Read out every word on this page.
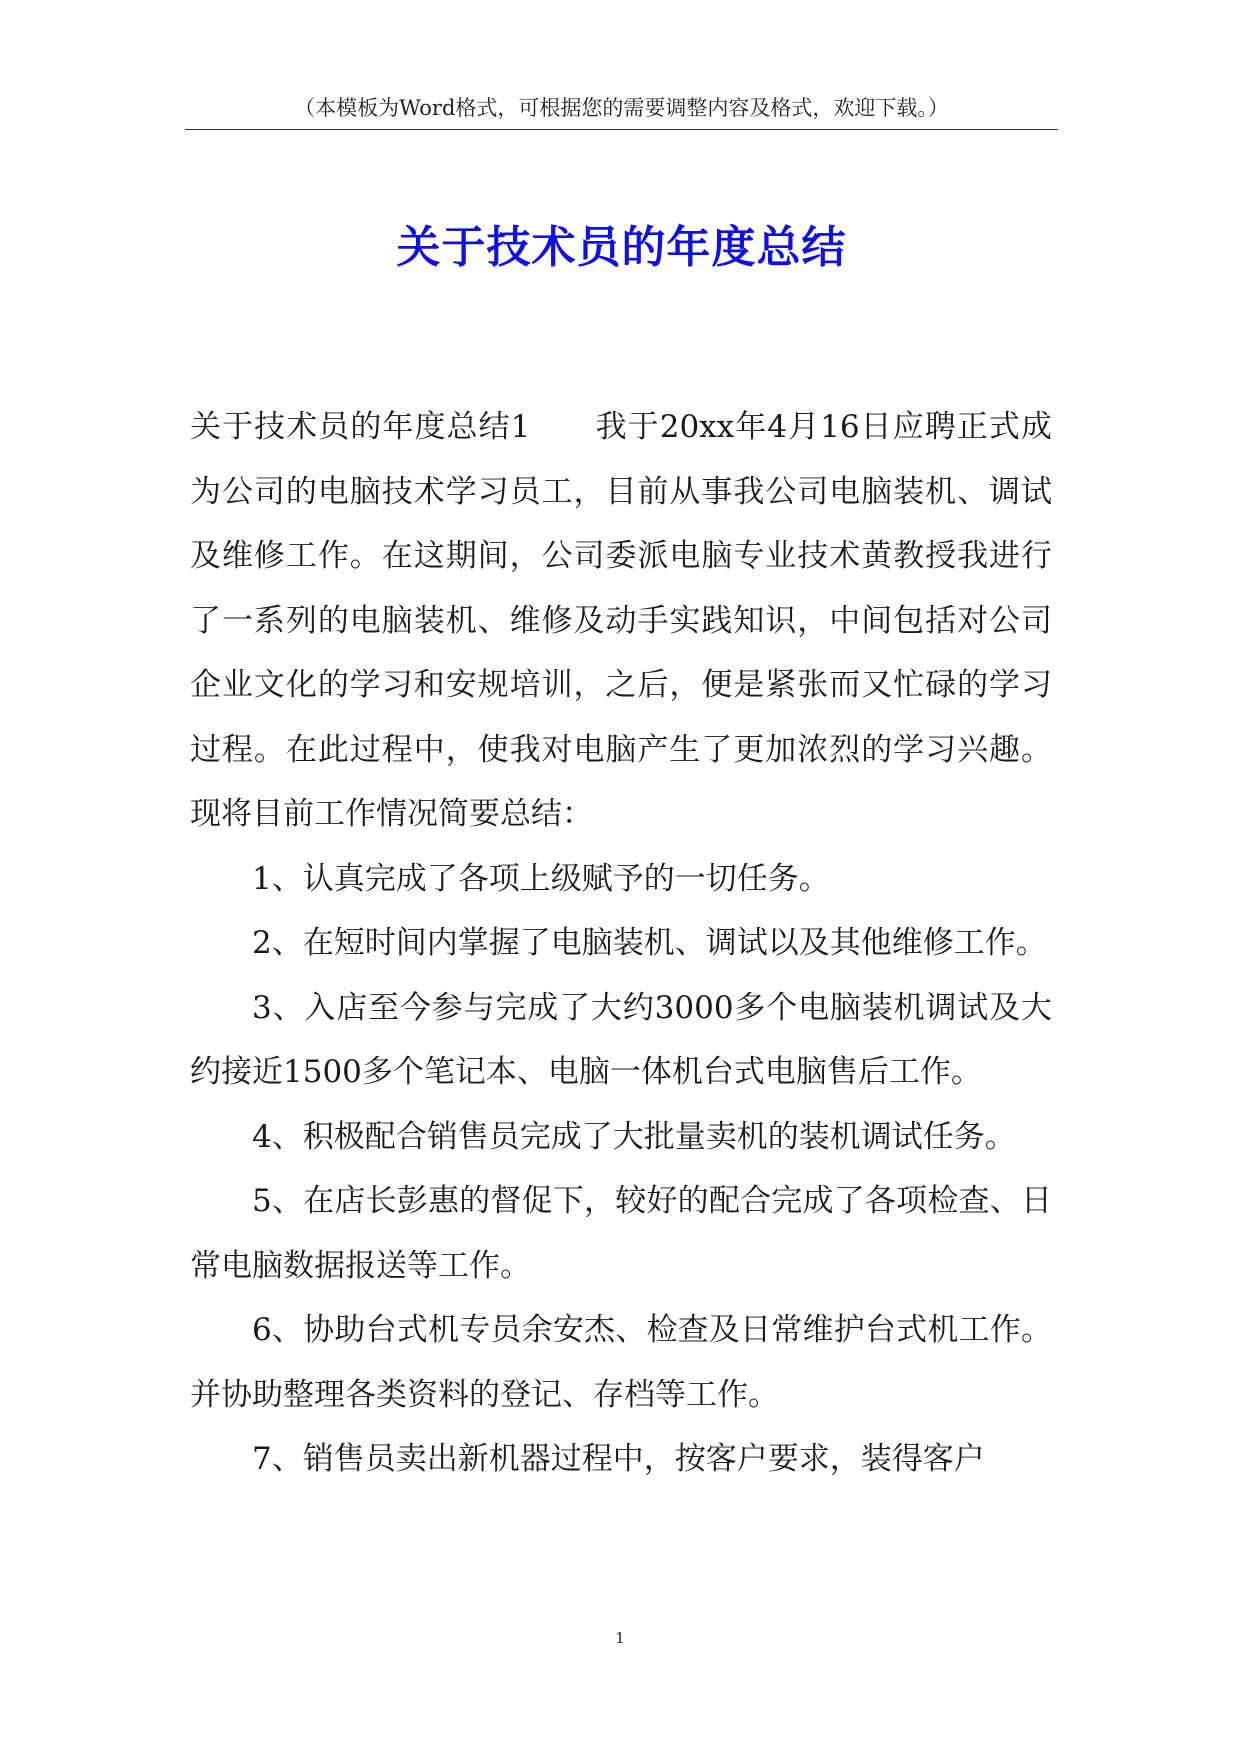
（本模板为Word格式，可根据您的需要调整内容及格式，欢迎下载。）
关于技术员的年度总结

关于技术员的年度总结1　　我于20xx年4月16日应聘正式成为公司的电脑技术学习员工，目前从事我公司电脑装机、调试及维修工作。在这期间，公司委派电脑专业技术黄教授我进行了一系列的电脑装机、维修及动手实践知识，中间包括对公司企业文化的学习和安规培训，之后，便是紧张而又忙碌的学习过程。在此过程中，使我对电脑产生了更加浓烈的学习兴趣。现将目前工作情况简要总结：

1、认真完成了各项上级赋予的一切任务。

2、在短时间内掌握了电脑装机、调试以及其他维修工作。

3、入店至今参与完成了大约3000多个电脑装机调试及大约接近1500多个笔记本、电脑一体机台式电脑售后工作。

4、积极配合销售员完成了大批量卖机的装机调试任务。

5、在店长彭惠的督促下，较好的配合完成了各项检查、日常电脑数据报送等工作。

6、协助台式机专员余安杰、检查及日常维护台式机工作。并协助整理各类资料的登记、存档等工作。

7、销售员卖出新机器过程中，按客户要求，装得客户

1
